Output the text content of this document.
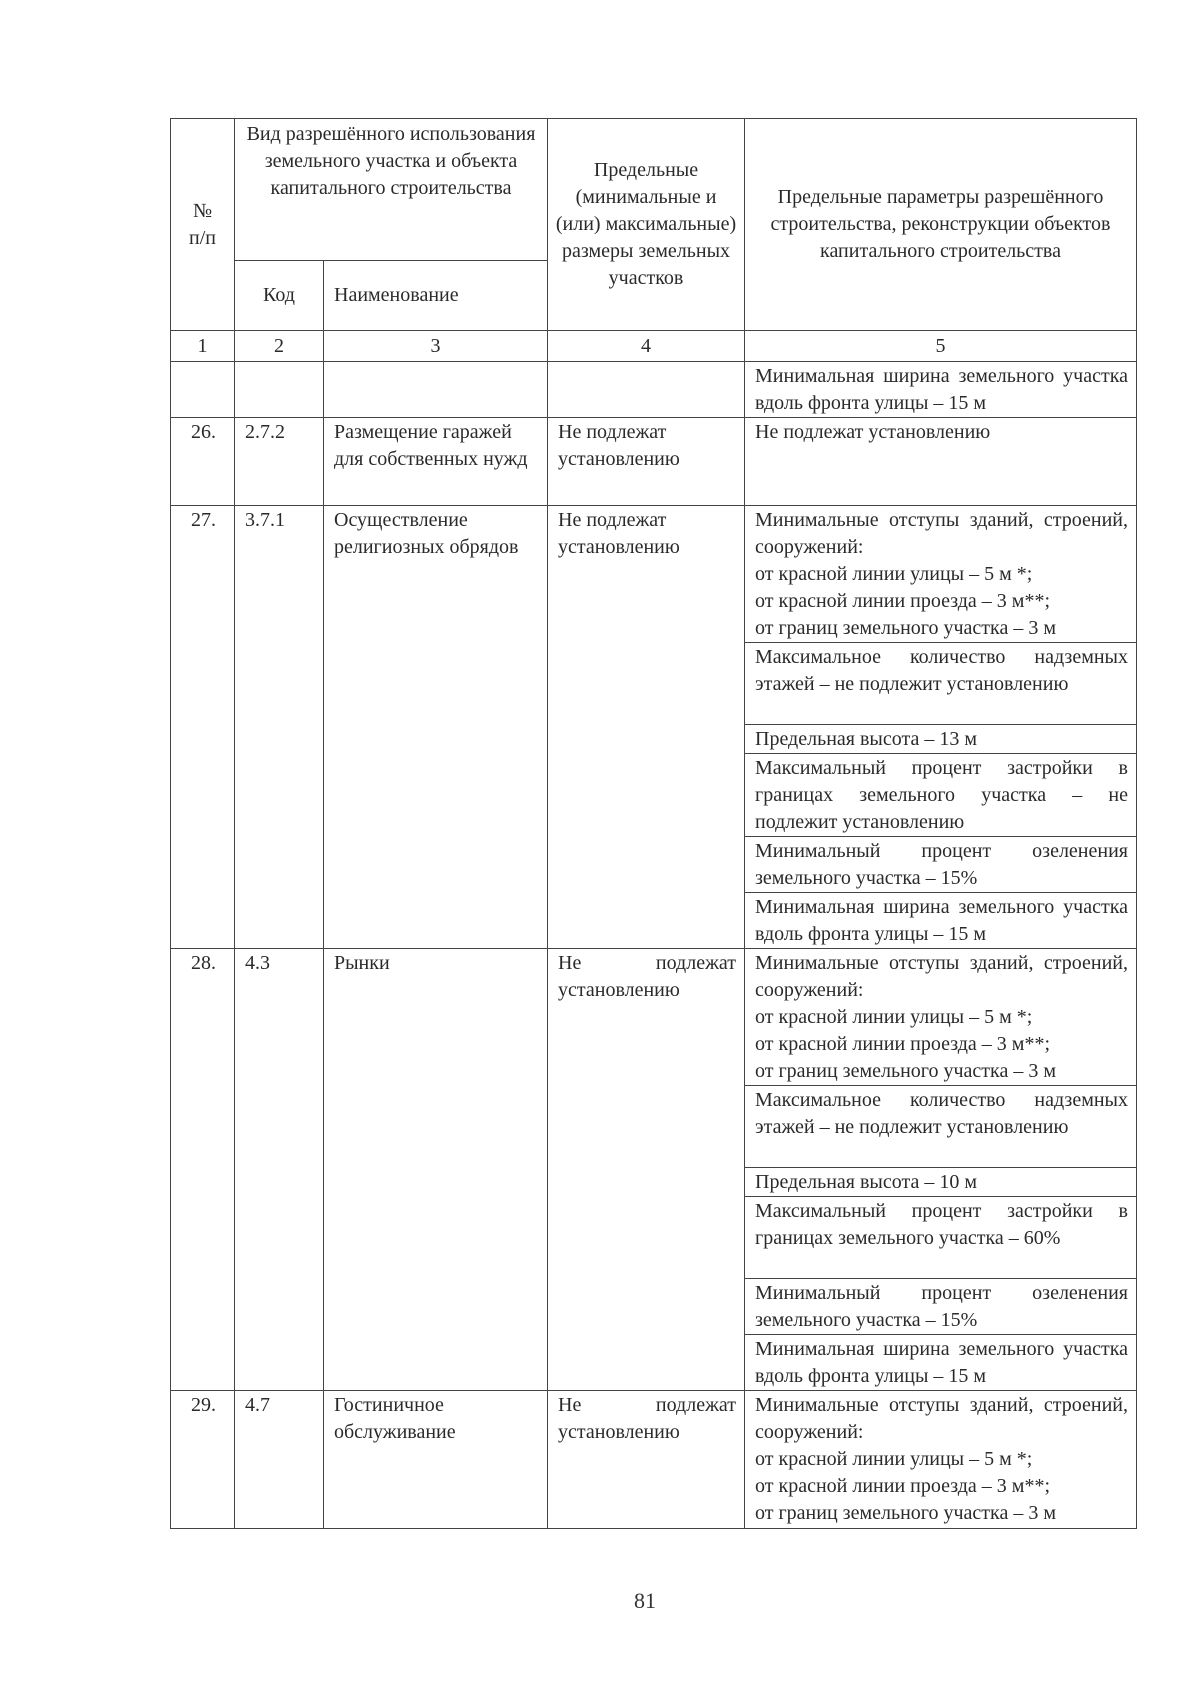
№
п/п	Вид разрешённого использования земельного участка и объекта капитального строительства		Предельные (минимальные и (или) максимальные) размеры земельных участков	Предельные параметры разрешённого строительства, реконструкции объектов капитального строительства
	Код	Наименование		
1	2	3	4	5
				Минимальная ширина земельного участка вдоль фронта улицы – 15 м
26.	2.7.2	Размещение гаражей для собственных нужд	Не подлежат установлению	Не подлежат установлению
27.	3.7.1	Осуществление религиозных обрядов	Не подлежат установлению	Минимальные отступы зданий, строений, сооружений:
от красной линии улицы – 5 м *;
от красной линии проезда – 3 м**;
от границ земельного участка – 3 м
				Максимальное количество надземных этажей – не подлежит установлению
				Предельная высота – 13 м
				Максимальный процент застройки в границах земельного участка – не подлежит установлению
				Минимальный процент озеленения земельного участка – 15%
				Минимальная ширина земельного участка вдоль фронта улицы – 15 м
28.	4.3	Рынки	Не подлежат установлению	Минимальные отступы зданий, строений, сооружений:
от красной линии улицы – 5 м *;
от красной линии проезда – 3 м**;
от границ земельного участка – 3 м
				Максимальное количество надземных этажей – не подлежит установлению
				Предельная высота – 10 м
				Максимальный процент застройки в границах земельного участка – 60%
				Минимальный процент озеленения земельного участка – 15%
				Минимальная ширина земельного участка вдоль фронта улицы – 15 м
29.	4.7	Гостиничное обслуживание	Не подлежат установлению	Минимальные отступы зданий, строений, сооружений:
от красной линии улицы – 5 м *;
от красной линии проезда – 3 м**;
от границ земельного участка – 3 м
81
